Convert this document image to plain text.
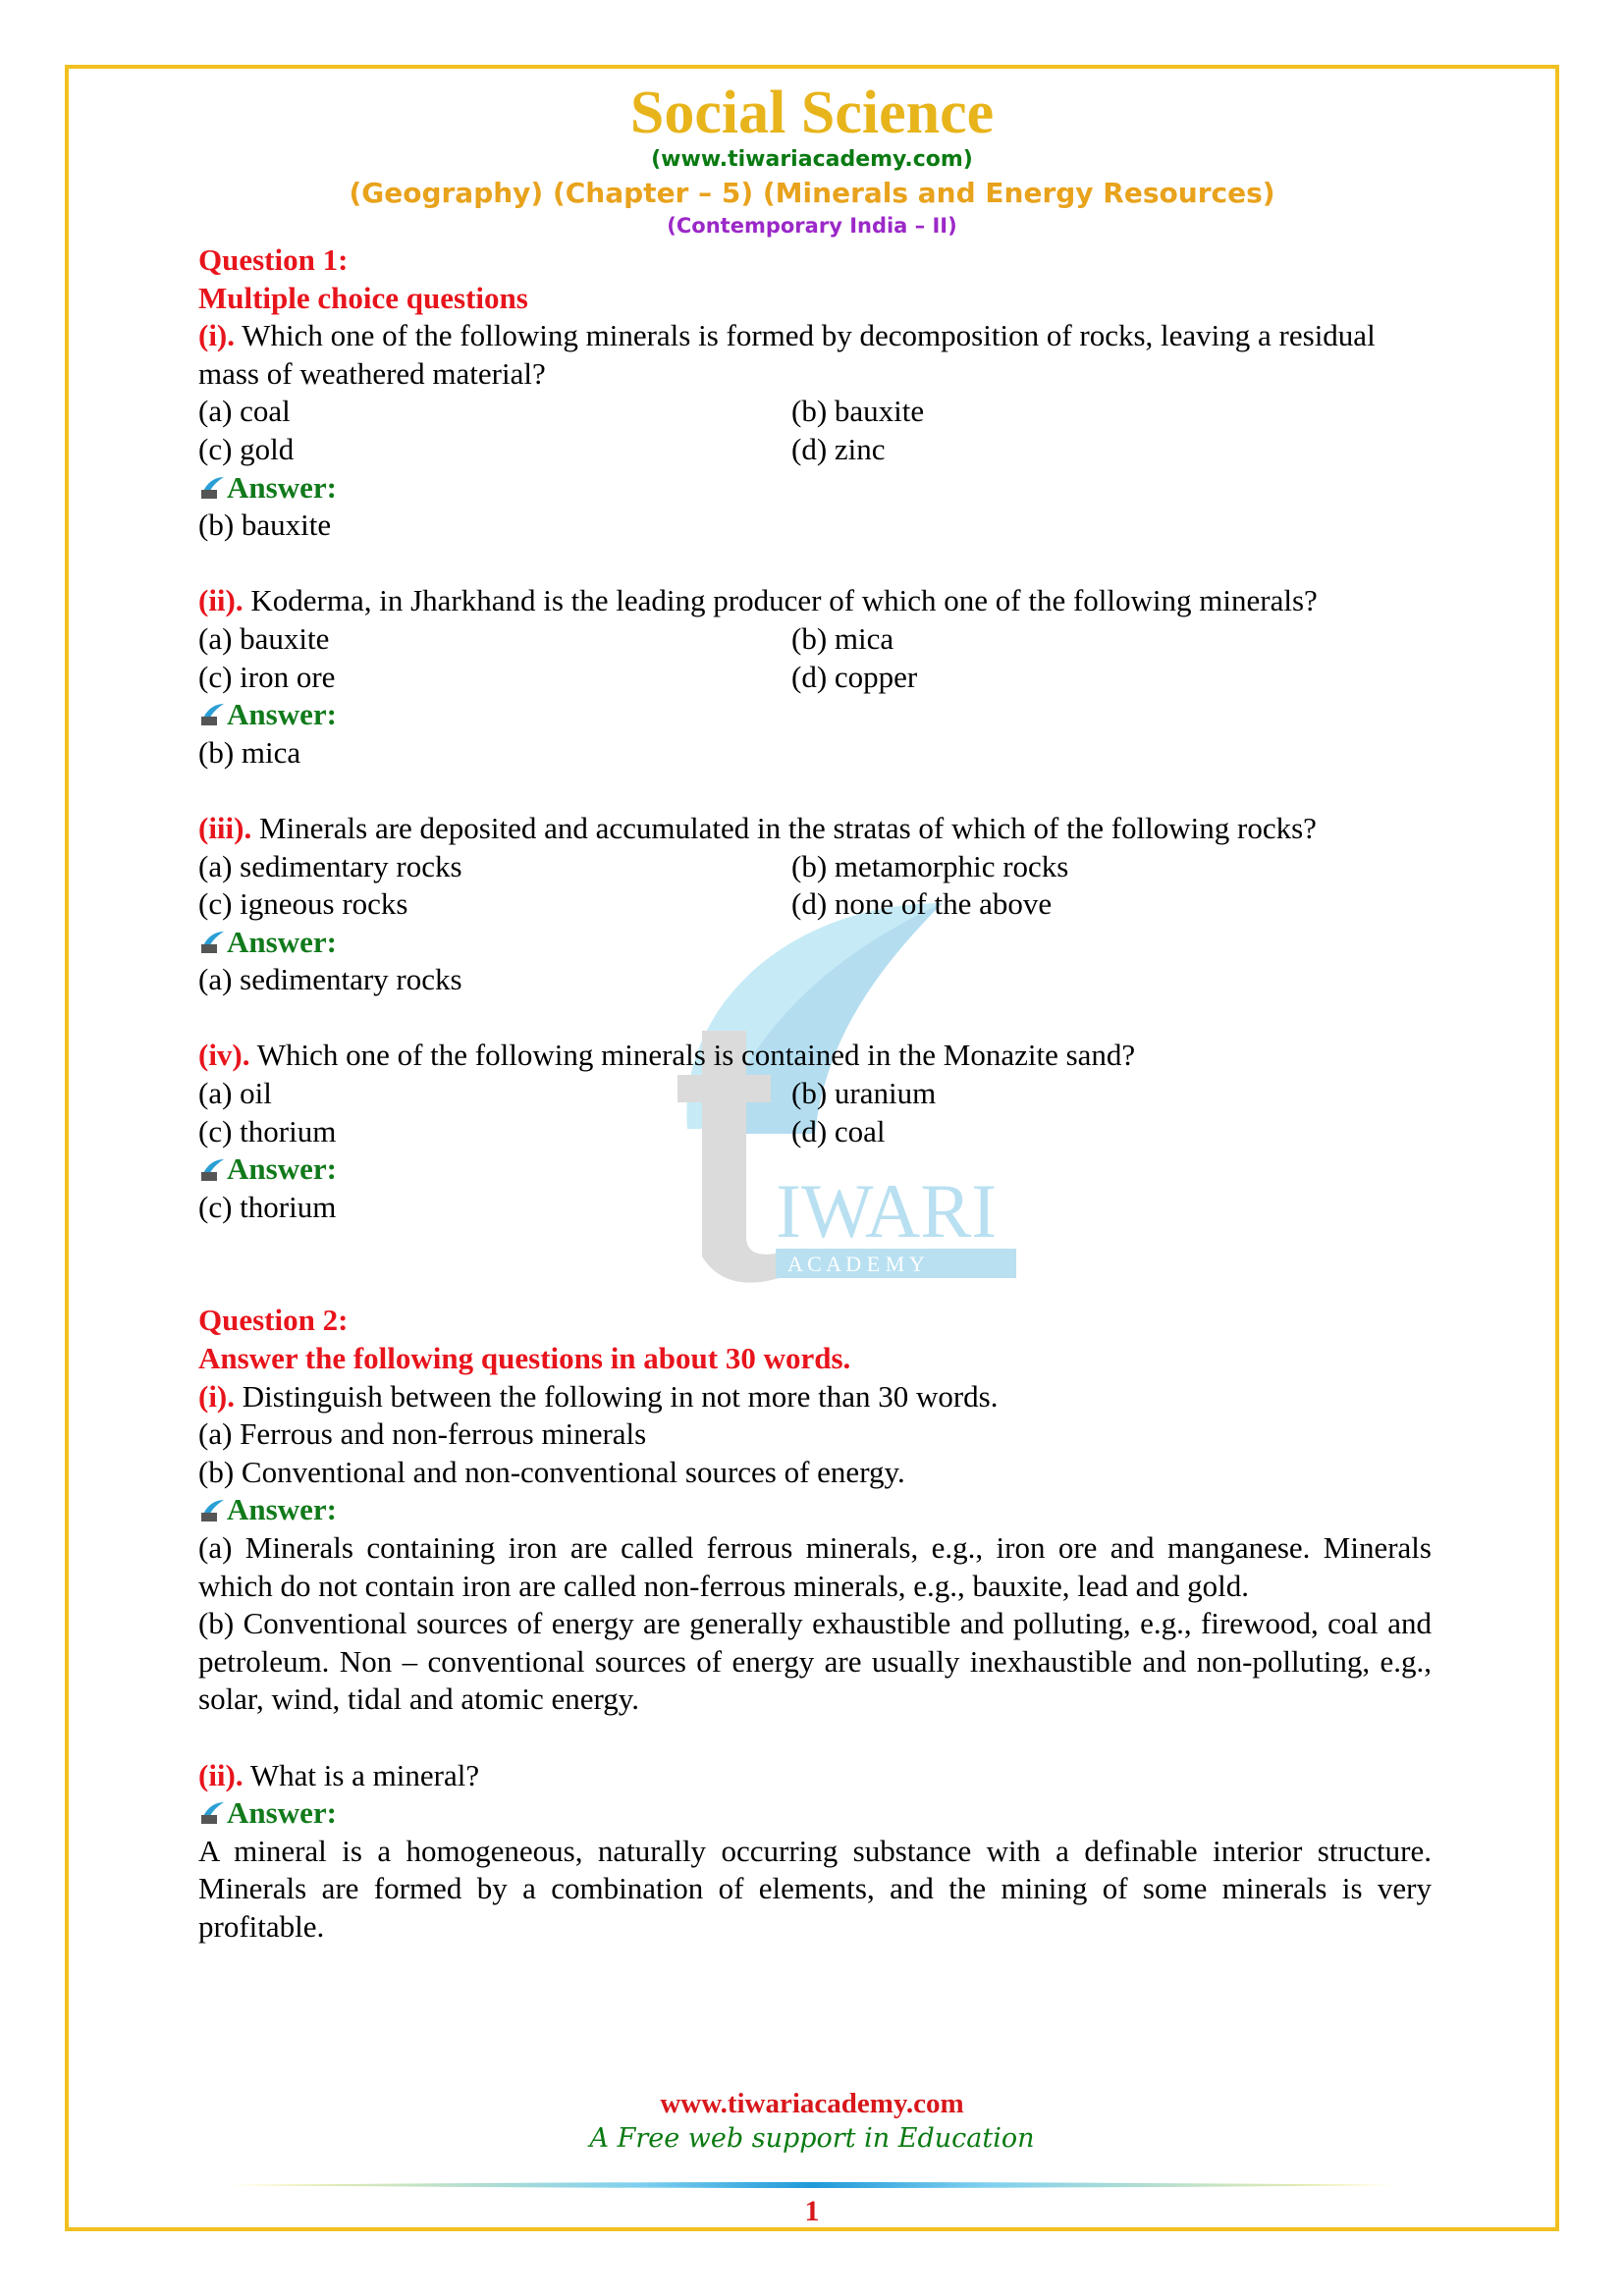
IWARI
A C A D E M Y
Social Science
(www.tiwariacademy.com)
(Geography) (Chapter – 5) (Minerals and Energy Resources)
(Contemporary India – II)
Question 1:
Multiple choice questions
(i). Which one of the following minerals is formed by decomposition of rocks, leaving a residual mass of weathered material?
(a) coal	(b) bauxite
(c) gold	(d) zinc
Answer:
(b) bauxite
(ii). Koderma, in Jharkhand is the leading producer of which one of the following minerals?
(a) bauxite	(b) mica
(c) iron ore	(d) copper
Answer:
(b) mica
(iii). Minerals are deposited and accumulated in the stratas of which of the following rocks?
(a) sedimentary rocks	(b) metamorphic rocks
(c) igneous rocks	(d) none of the above
Answer:
(a) sedimentary rocks
(iv). Which one of the following minerals is contained in the Monazite sand?
(a) oil	(b) uranium
(c) thorium	(d) coal
Answer:
(c) thorium
Question 2:
Answer the following questions in about 30 words.
(i). Distinguish between the following in not more than 30 words.
(a) Ferrous and non-ferrous minerals
(b) Conventional and non-conventional sources of energy.
Answer:
(a) Minerals containing iron are called ferrous minerals, e.g., iron ore and manganese. Minerals which do not contain iron are called non-ferrous minerals, e.g., bauxite, lead and gold.
(b) Conventional sources of energy are generally exhaustible and polluting, e.g., firewood, coal and petroleum. Non – conventional sources of energy are usually inexhaustible and non-polluting, e.g., solar, wind, tidal and atomic energy.
(ii). What is a mineral?
Answer:
A mineral is a homogeneous, naturally occurring substance with a definable interior structure. Minerals are formed by a combination of elements, and the mining of some minerals is very profitable.
www.tiwariacademy.com
A Free web support in Education
1
